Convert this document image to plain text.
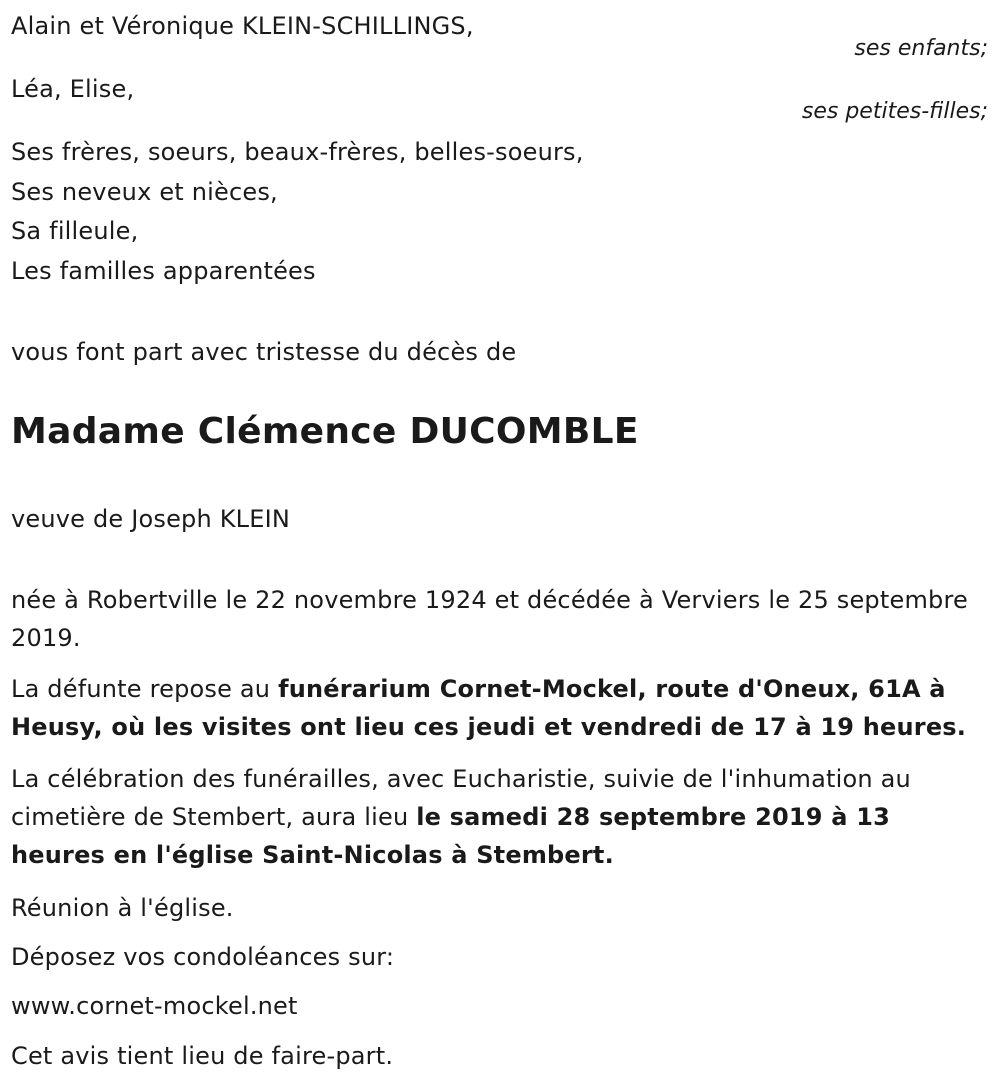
Alain et Véronique KLEIN-SCHILLINGS,
ses enfants;
Léa, Elise,
ses petites-filles;
Ses frères, soeurs, beaux-frères, belles-soeurs,
Ses neveux et nièces,
Sa filleule,
Les familles apparentées
vous font part avec tristesse du décès de
Madame Clémence DUCOMBLE
veuve de Joseph KLEIN
née à Robertville le 22 novembre 1924 et décédée à Verviers le 25 septembre 2019.
La défunte repose au funérarium Cornet-Mockel, route d'Oneux, 61A à Heusy, où les visites ont lieu ces jeudi et vendredi de 17 à 19 heures.
La célébration des funérailles, avec Eucharistie, suivie de l'inhumation au cimetière de Stembert, aura lieu le samedi 28 septembre 2019 à 13 heures en l'église Saint-Nicolas à Stembert.
Réunion à l'église.
Déposez vos condoléances sur:
www.cornet-mockel.net
Cet avis tient lieu de faire-part.
